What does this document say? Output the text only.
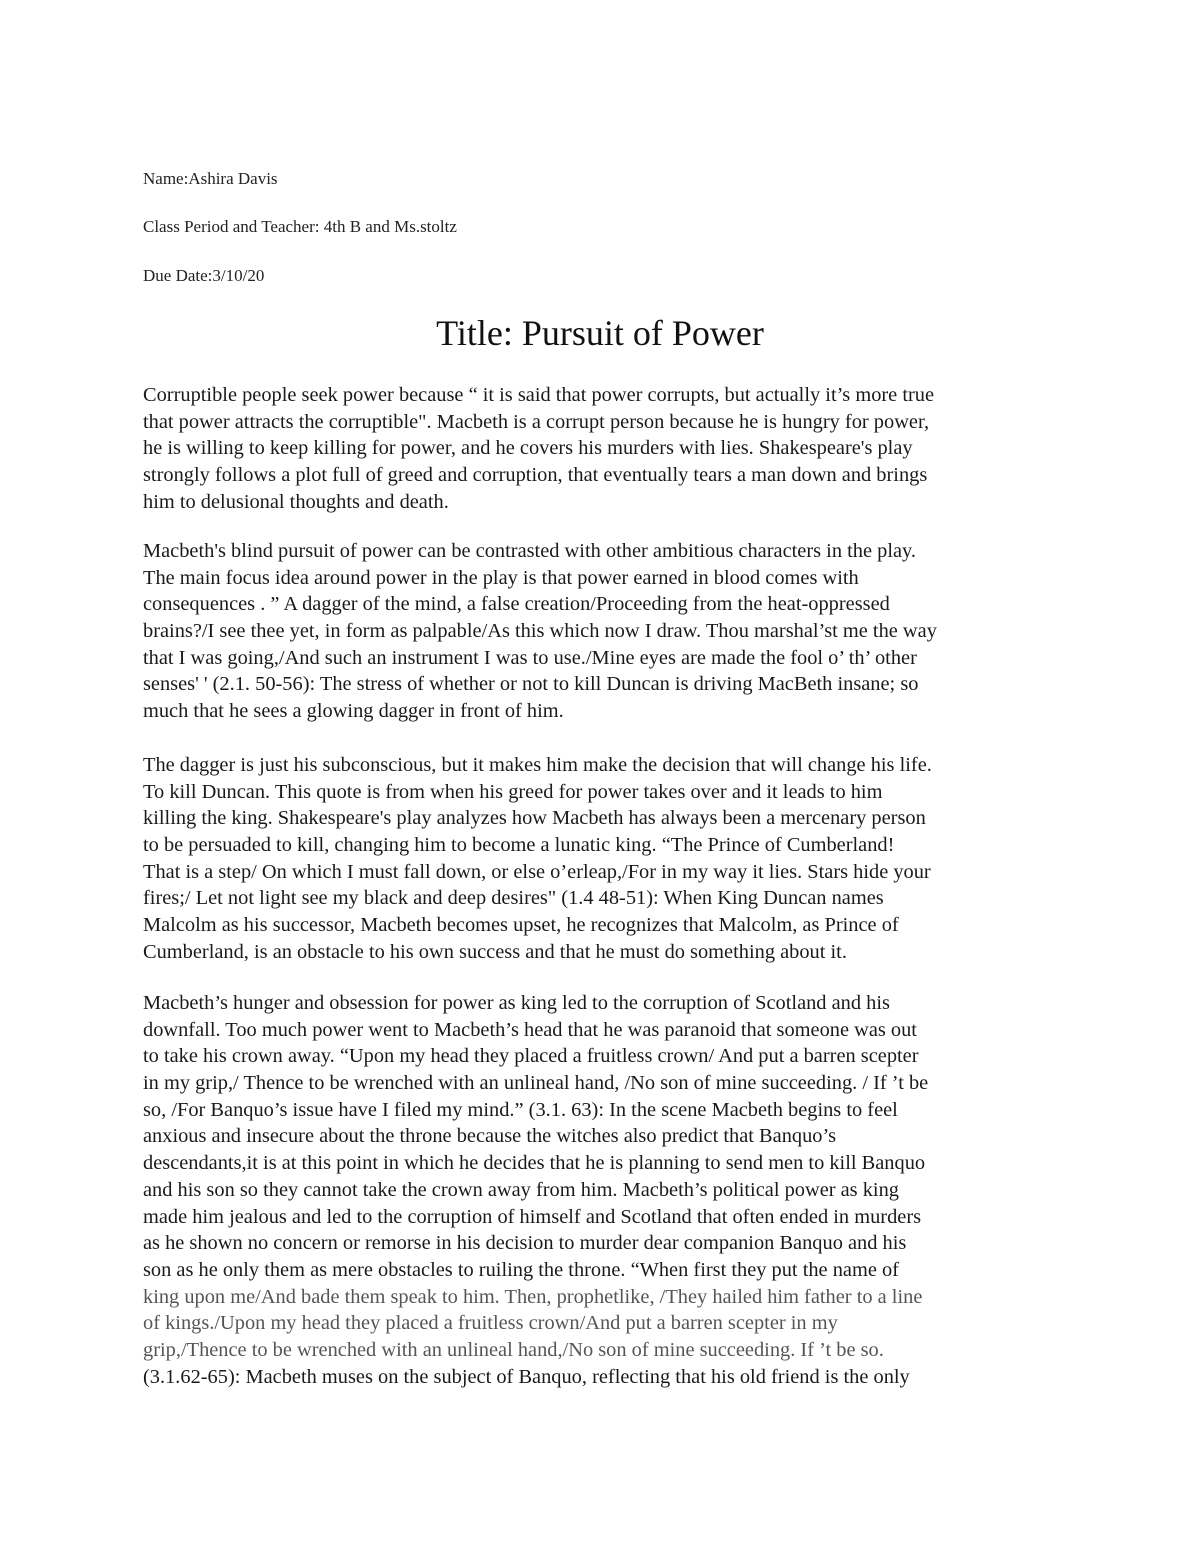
Name:Ashira Davis
Class Period and Teacher: 4th B and Ms.stoltz
Due Date:3/10/20
Title: Pursuit of Power
Corruptible people seek power because “ it is said that power corrupts, but actually it’s more true
that power attracts the corruptible". Macbeth is a corrupt person because he is hungry for power,
he is willing to keep killing for power, and he covers his murders with lies. Shakespeare's play
strongly follows a plot full of greed and corruption, that eventually tears a man down and brings
him to delusional thoughts and death.
Macbeth's blind pursuit of power can be contrasted with other ambitious characters in the play.
The main focus idea around power in the play is that power earned in blood comes with
consequences . ” A dagger of the mind, a false creation/Proceeding from the heat-oppressed
brains?/I see thee yet, in form as palpable/As this which now I draw. Thou marshal’st me the way
that I was going,/And such an instrument I was to use./Mine eyes are made the fool o’ th’ other
senses' ' (2.1. 50-56): The stress of whether or not to kill Duncan is driving MacBeth insane; so
much that he sees a glowing dagger in front of him.
The dagger is just his subconscious, but it makes him make the decision that will change his life.
To kill Duncan. This quote is from when his greed for power takes over and it leads to him
killing the king. Shakespeare's play analyzes how Macbeth has always been a mercenary person
to be persuaded to kill, changing him to become a lunatic king. “The Prince of Cumberland!
That is a step/ On which I must fall down, or else o’erleap,/For in my way it lies. Stars hide your
fires;/ Let not light see my black and deep desires" (1.4 48-51): When King Duncan names
Malcolm as his successor, Macbeth becomes upset, he recognizes that Malcolm, as Prince of
Cumberland, is an obstacle to his own success and that he must do something about it.
Macbeth’s hunger and obsession for power as king led to the corruption of Scotland and his
downfall. Too much power went to Macbeth’s head that he was paranoid that someone was out
to take his crown away. “Upon my head they placed a fruitless crown/ And put a barren scepter
in my grip,/ Thence to be wrenched with an unlineal hand, /No son of mine succeeding. / If ’t be
so, /For Banquo’s issue have I filed my mind.” (3.1. 63): In the scene Macbeth begins to feel
anxious and insecure about the throne because the witches also predict that Banquo’s
descendants,it is at this point in which he decides that he is planning to send men to kill Banquo
and his son so they cannot take the crown away from him. Macbeth’s political power as king
made him jealous and led to the corruption of himself and Scotland that often ended in murders
as he shown no concern or remorse in his decision to murder dear companion Banquo and his
son as he only them as mere obstacles to ruiling the throne. “When first they put the name of
king upon me/And bade them speak to him. Then, prophetlike, /They hailed him father to a line
of kings./Upon my head they placed a fruitless crown/And put a barren scepter in my
grip,/Thence to be wrenched with an unlineal hand,/No son of mine succeeding. If ’t be so.
(3.1.62-65): Macbeth muses on the subject of Banquo, reflecting that his old friend is the only
